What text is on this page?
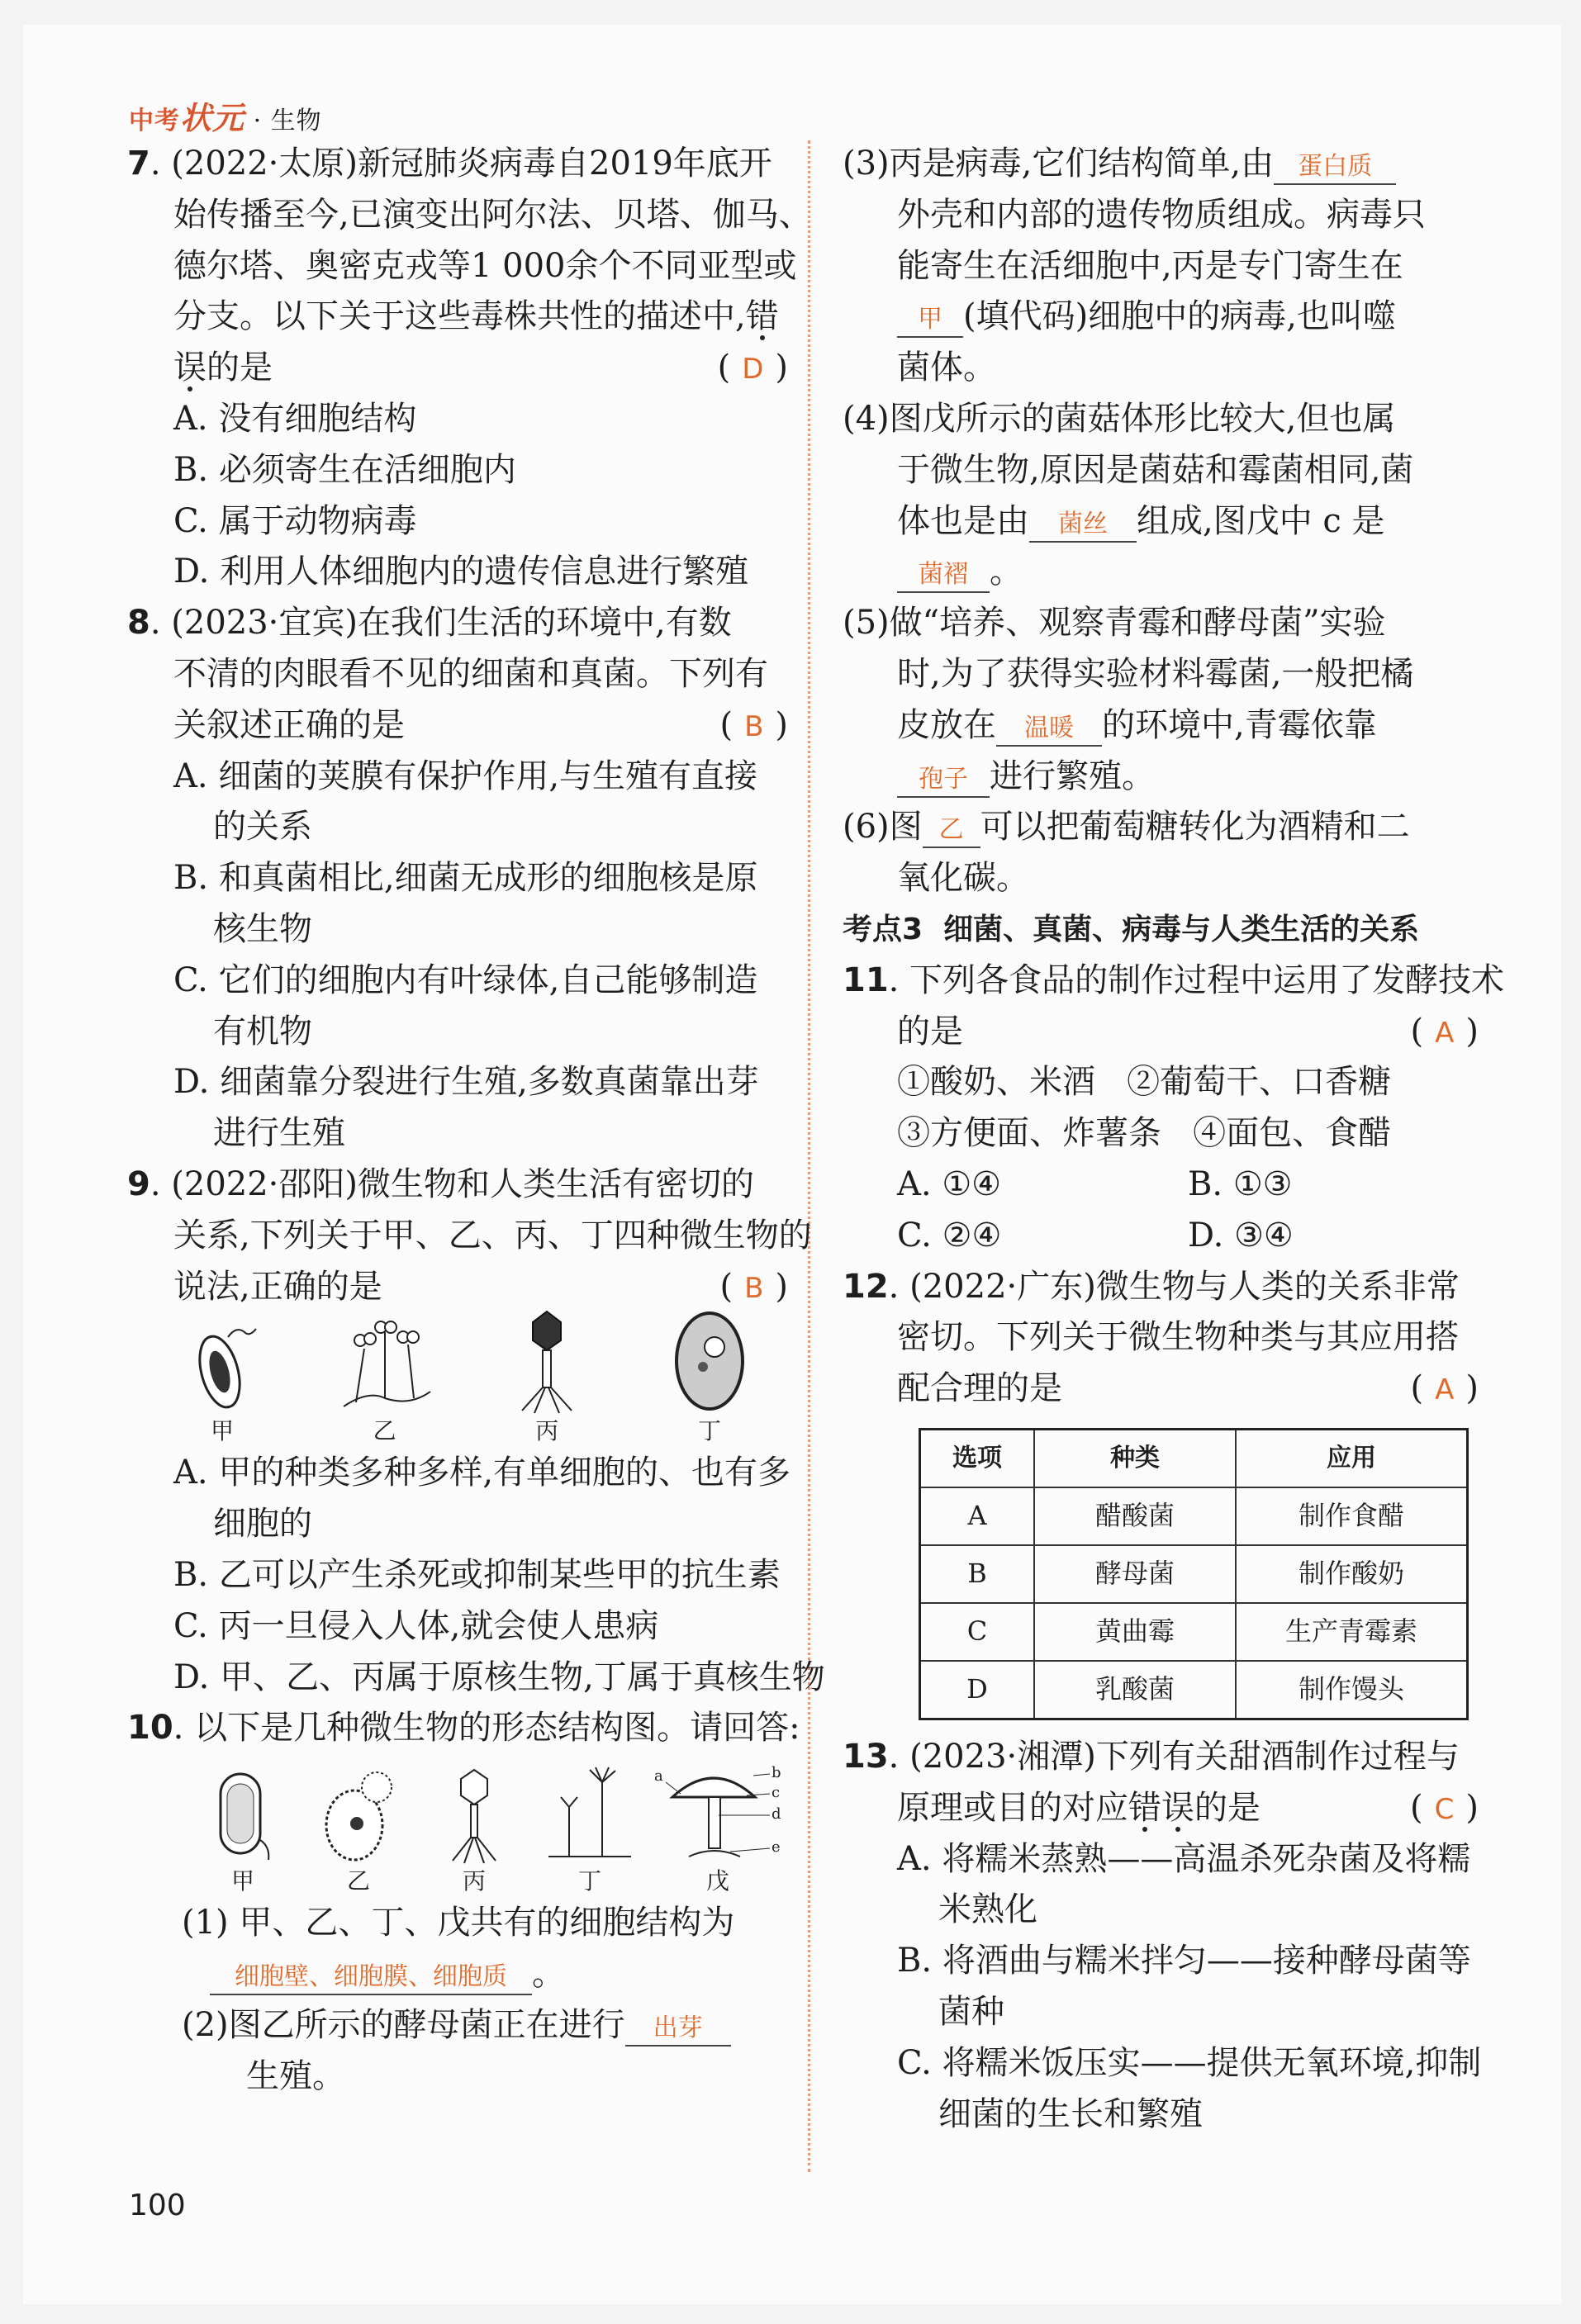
中考状元 · 生物
7. (2022·太原)新冠肺炎病毒自2019年底开
始传播至今,已演变出阿尔法、贝塔、伽马、
德尔塔、奥密克戎等1 000余个不同亚型或
分支。以下关于这些毒株共性的描述中,错
误的是	( D )
A. 没有细胞结构
B. 必须寄生在活细胞内
C. 属于动物病毒
D. 利用人体细胞内的遗传信息进行繁殖
8. (2023·宜宾)在我们生活的环境中,有数
不清的肉眼看不见的细菌和真菌。下列有
关叙述正确的是	( B )
A. 细菌的荚膜有保护作用,与生殖有直接
的关系
B. 和真菌相比,细菌无成形的细胞核是原
核生物
C. 它们的细胞内有叶绿体,自己能够制造
有机物
D. 细菌靠分裂进行生殖,多数真菌靠出芽
进行生殖
9. (2022·邵阳)微生物和人类生活有密切的
关系,下列关于甲、乙、丙、丁四种微生物的
说法,正确的是	( B )
甲	乙	丙	丁
A. 甲的种类多种多样,有单细胞的、也有多
细胞的
B. 乙可以产生杀死或抑制某些甲的抗生素
C. 丙一旦侵入人体,就会使人患病
D. 甲、乙、丙属于原核生物,丁属于真核生物
10. 以下是几种微生物的形态结构图。请回答:
甲	乙	丙	丁
a	b
c
d
e
戊
(1) 甲、乙、丁、戊共有的细胞结构为
细胞壁、细胞膜、细胞质 。
(2)图乙所示的酵母菌正在进行 出芽
生殖。
(3)丙是病毒,它们结构简单,由 蛋白质
外壳和内部的遗传物质组成。病毒只
能寄生在活细胞中,丙是专门寄生在
甲 (填代码)细胞中的病毒,也叫噬
菌体。
(4)图戊所示的菌菇体形比较大,但也属
于微生物,原因是菌菇和霉菌相同,菌
体也是由 菌丝 组成,图戊中 c 是
菌褶 。
(5)做“培养、观察青霉和酵母菌”实验
时,为了获得实验材料霉菌,一般把橘
皮放在 温暖 的环境中,青霉依靠
孢子 进行繁殖。
(6)图 乙 可以把葡萄糖转化为酒精和二
氧化碳。
考点3 细菌、真菌、病毒与人类生活的关系
11. 下列各食品的制作过程中运用了发酵技术
的是	( A )
①酸奶、米酒   ②葡萄干、口香糖
③方便面、炸薯条   ④面包、食醋
A. ①④	B. ①③
C. ②④	D. ③④
12. (2022·广东)微生物与人类的关系非常
密切。下列关于微生物种类与其应用搭
配合理的是	( A )
选项	种类	应用
A	醋酸菌	制作食醋
B	酵母菌	制作酸奶
C	黄曲霉	生产青霉素
D	乳酸菌	制作馒头
13. (2023·湘潭)下列有关甜酒制作过程与
原理或目的对应错误的是	( C )
A. 将糯米蒸熟——高温杀死杂菌及将糯
米熟化
B. 将酒曲与糯米拌匀——接种酵母菌等
菌种
C. 将糯米饭压实——提供无氧环境,抑制
细菌的生长和繁殖
100
